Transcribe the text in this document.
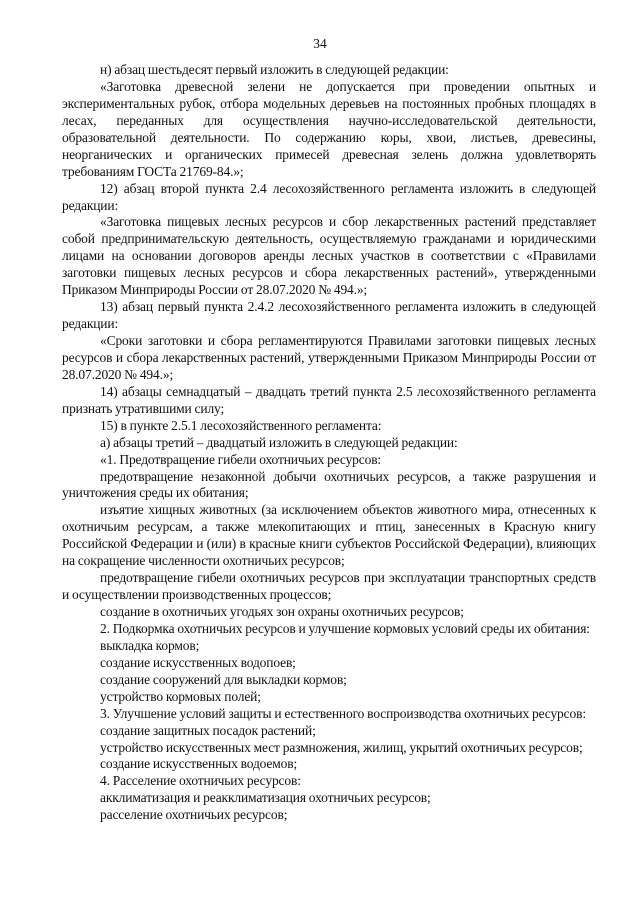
34

н) абзац шестьдесят первый изложить в следующей редакции:

«Заготовка древесной зелени не допускается при проведении опытных и экспериментальных рубок, отбора модельных деревьев на постоянных пробных площадях в лесах, переданных для осуществления научно-исследовательской деятельности, образовательной деятельности. По содержанию коры, хвои, листьев, древесины, неорганических и органических примесей древесная зелень должна удовлетворять требованиям ГОСТа 21769-84.»;

12) абзац второй пункта 2.4 лесохозяйственного регламента изложить в следующей редакции:

«Заготовка пищевых лесных ресурсов и сбор лекарственных растений представляет собой предпринимательскую деятельность, осуществляемую гражданами и юридическими лицами на основании договоров аренды лесных участков в соответствии с «Правилами заготовки пищевых лесных ресурсов и сбора лекарственных растений», утвержденными Приказом Минприроды России от 28.07.2020 № 494.»;

13) абзац первый пункта 2.4.2 лесохозяйственного регламента изложить в следующей редакции:

«Сроки заготовки и сбора регламентируются Правилами заготовки пищевых лесных ресурсов и сбора лекарственных растений, утвержденными Приказом Минприроды России от 28.07.2020 № 494.»;

14) абзацы семнадцатый – двадцать третий пункта 2.5 лесохозяйственного регламента признать утратившими силу;

15) в пункте 2.5.1 лесохозяйственного регламента:

а) абзацы третий – двадцатый изложить в следующей редакции:

«1. Предотвращение гибели охотничьих ресурсов:

предотвращение незаконной добычи охотничьих ресурсов, а также разрушения и уничтожения среды их обитания;

изъятие хищных животных (за исключением объектов животного мира, отнесенных к охотничьим ресурсам, а также млекопитающих и птиц, занесенных в Красную книгу Российской Федерации и (или) в красные книги субъектов Российской Федерации), влияющих на сокращение численности охотничьих ресурсов;

предотвращение гибели охотничьих ресурсов при эксплуатации транспортных средств и осуществлении производственных процессов;

создание в охотничьих угодьях зон охраны охотничьих ресурсов;

2. Подкормка охотничьих ресурсов и улучшение кормовых условий среды их обитания:

выкладка кормов;

создание искусственных водопоев;

создание сооружений для выкладки кормов;

устройство кормовых полей;

3. Улучшение условий защиты и естественного воспроизводства охотничьих ресурсов:

создание защитных посадок растений;

устройство искусственных мест размножения, жилищ, укрытий охотничьих ресурсов;

создание искусственных водоемов;

4. Расселение охотничьих ресурсов:

акклиматизация и реакклиматизация охотничьих ресурсов;

расселение охотничьих ресурсов;
